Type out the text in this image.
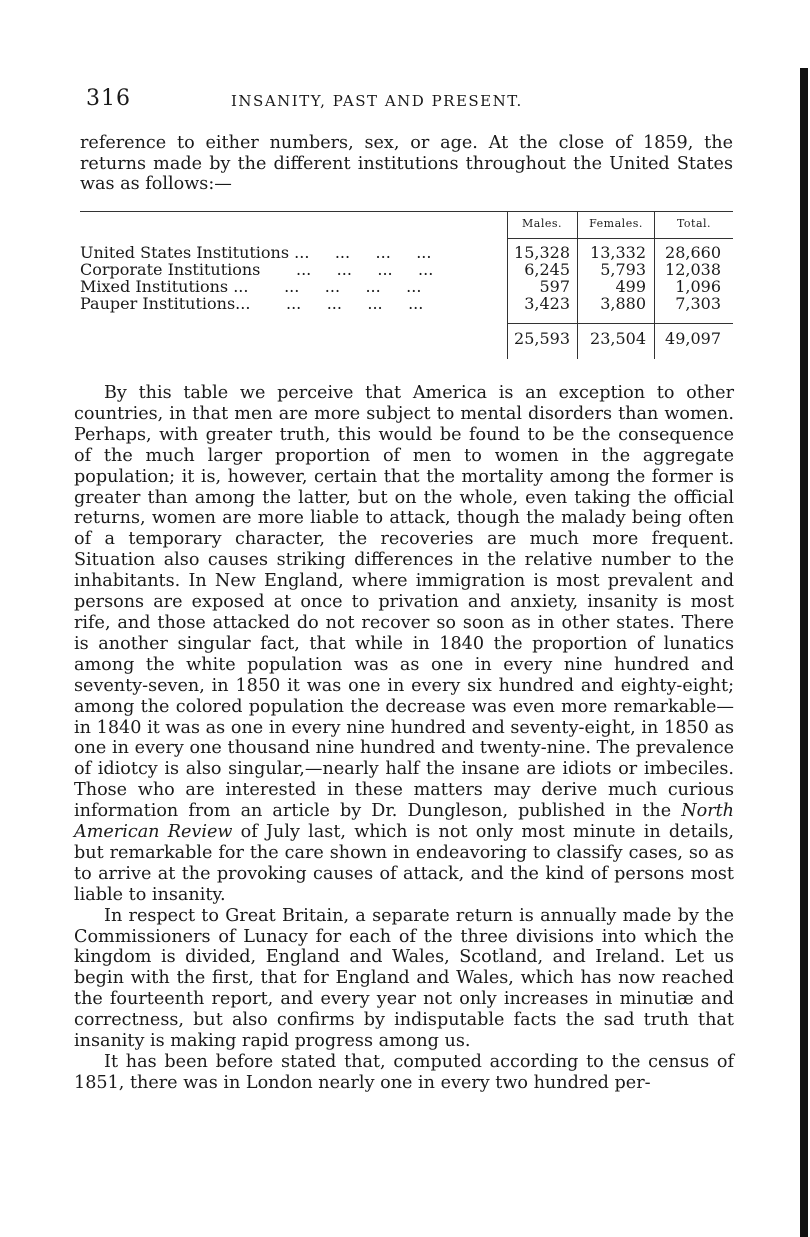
316	INSANITY, PAST AND PRESENT.
reference to either numbers, sex, or age. At the close of 1859, the returns made by the different institutions throughout the United States was as follows:—
Males.	Females.	Total.
United States Institutions ...     ...     ...     ...	15,328	13,332	28,660
Corporate Institutions       ...     ...     ...     ...	6,245	5,793	12,038
Mixed Institutions ...       ...     ...     ...     ...	597	499	1,096
Pauper Institutions...       ...     ...     ...     ...	3,423	3,880	7,303
25,593	23,504	49,097

By this table we perceive that America is an exception to other countries, in that men are more subject to mental disorders than women. Perhaps, with greater truth, this would be found to be the consequence of the much larger proportion of men to women in the aggregate population; it is, however, certain that the mortality among the former is greater than among the latter, but on the whole, even taking the official returns, women are more liable to attack, though the malady being often of a temporary character, the recoveries are much more frequent. Situation also causes striking differences in the relative number to the inhabitants. In New England, where immigration is most prevalent and persons are exposed at once to privation and anxiety, insanity is most rife, and those attacked do not recover so soon as in other states. There is another singular fact, that while in 1840 the proportion of lunatics among the white population was as one in every nine hundred and seventy-seven, in 1850 it was one in every six hundred and eighty-eight; among the colored population the decrease was even more remarkable—in 1840 it was as one in every nine hundred and seventy-eight, in 1850 as one in every one thousand nine hundred and twenty-nine. The prevalence of idiotcy is also singular,—nearly half the insane are idiots or imbeciles. Those who are interested in these matters may derive much curious information from an article by Dr. Dungleson, published in the North American Review of July last, which is not only most minute in details, but remarkable for the care shown in endeavoring to classify cases, so as to arrive at the provoking causes of attack, and the kind of persons most liable to insanity.

In respect to Great Britain, a separate return is annually made by the Commissioners of Lunacy for each of the three divisions into which the kingdom is divided, England and Wales, Scotland, and Ireland. Let us begin with the first, that for England and Wales, which has now reached the fourteenth report, and every year not only increases in minutiæ and correctness, but also confirms by indisputable facts the sad truth that insanity is making rapid progress among us.

It has been before stated that, computed according to the census of 1851, there was in London nearly one in every two hundred per-
